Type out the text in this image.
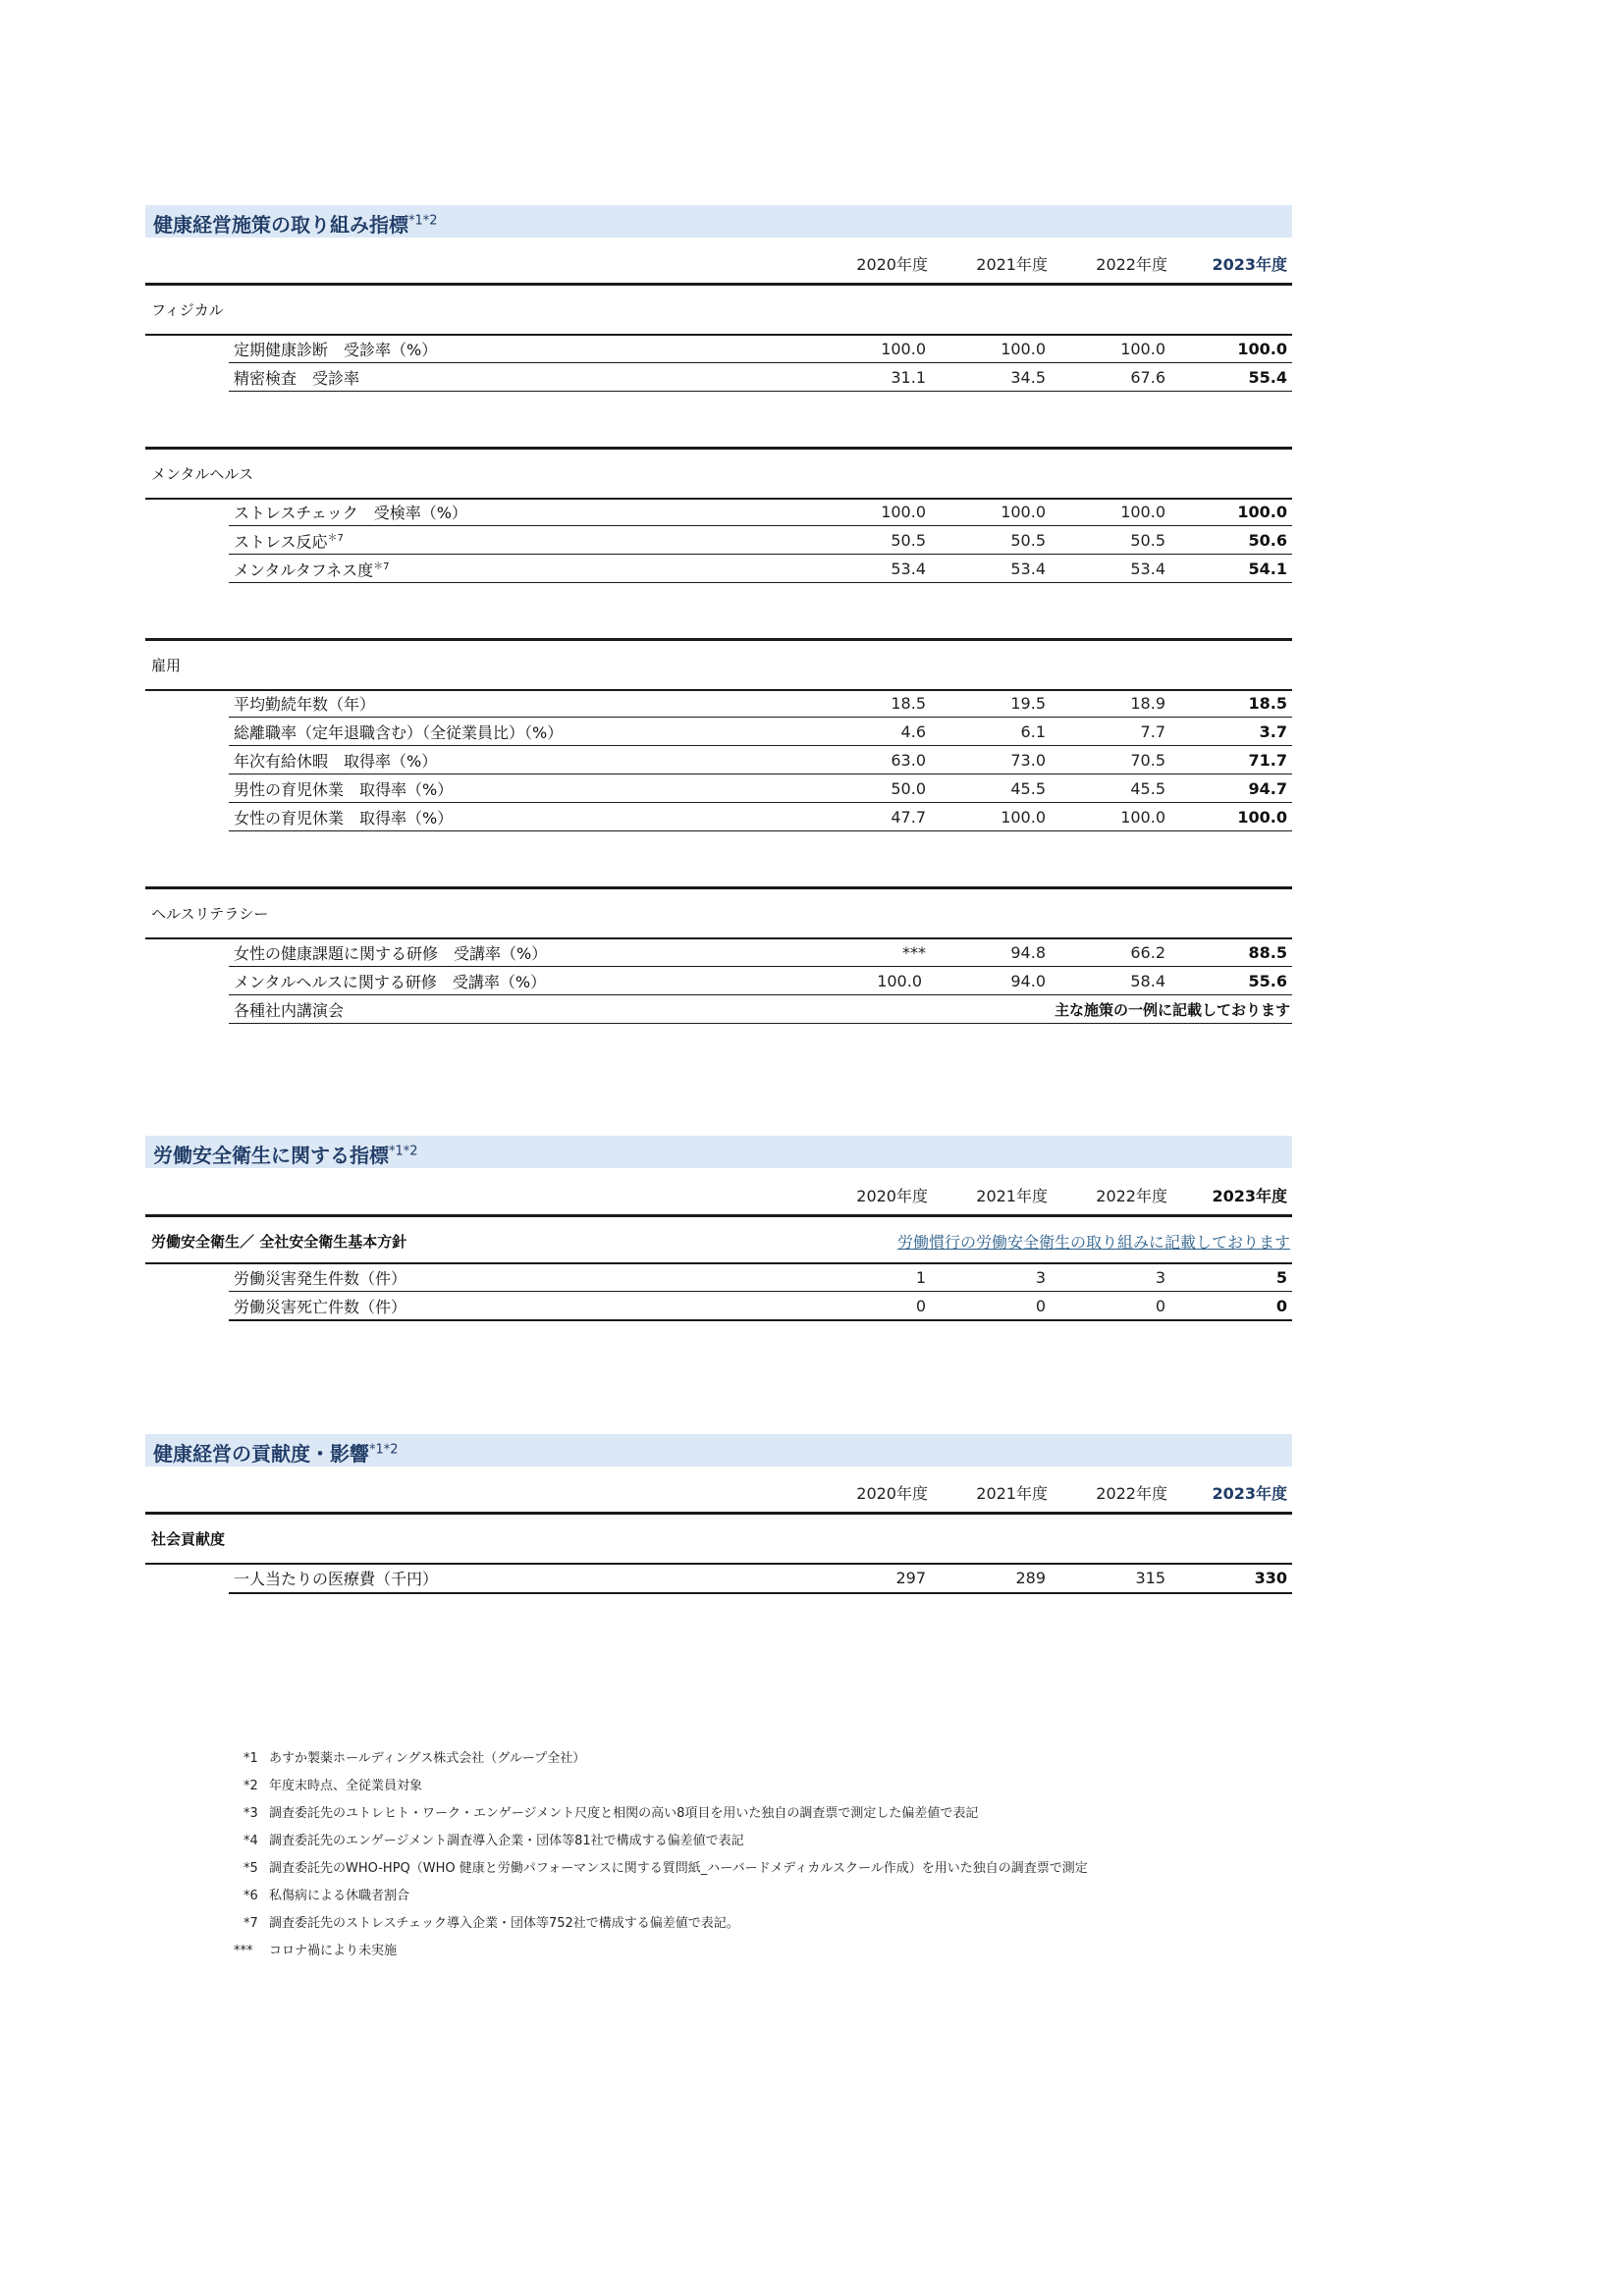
健康経営施策の取り組み指標$^{*1*2}$
2020年度	2021年度	2022年度	2023年度
フィジカル
定期健康診断　受診率（%）	100.0	100.0	100.0	100.0
精密検査　受診率	31.1	34.5	67.6	55.4
メンタルヘルス
ストレスチェック　受検率（%）	100.0	100.0	100.0	100.0
ストレス反応$^{*7}$	50.5	50.5	50.5	50.6
メンタルタフネス度$^{*7}$	53.4	53.4	53.4	54.1
雇用
平均勤続年数（年）	18.5	19.5	18.9	18.5
総離職率（定年退職含む）（全従業員比）（%）	4.6	6.1	7.7	3.7
年次有給休暇　取得率（%）	63.0	73.0	70.5	71.7
男性の育児休業　取得率（%）	50.0	45.5	45.5	94.7
女性の育児休業　取得率（%）	47.7	100.0	100.0	100.0
ヘルスリテラシー
女性の健康課題に関する研修　受講率（%）	***	94.8	66.2	88.5
メンタルヘルスに関する研修　受講率（%）	100.0	94.0	58.4	55.6
各種社内講演会	主な施策の一例に記載しております
労働安全衛生に関する指標$^{*1*2}$
2020年度	2021年度	2022年度	2023年度
労働安全衛生／ 全社安全衛生基本方針	労働慣行の労働安全衛生の取り組みに記載しております
労働災害発生件数（件）	1	3	3	5
労働災害死亡件数（件）	0	0	0	0
健康経営の貢献度・影響$^{*1*2}$
2020年度	2021年度	2022年度	2023年度
社会貢献度
一人当たりの医療費（千円）	297	289	315	330
*1 あすか製薬ホールディングス株式会社（グループ全社）
*2 年度末時点、全従業員対象
*3 調査委託先のユトレヒト・ワーク・エンゲージメント尺度と相関の高い8項目を用いた独自の調査票で測定した偏差値で表記
*4 調査委託先のエンゲージメント調査導入企業・団体等81社で構成する偏差値で表記
*5 調査委託先のWHO-HPQ（WHO 健康と労働パフォーマンスに関する質問紙_ハーバードメディカルスクール作成）を用いた独自の調査票で測定
*6 私傷病による休職者割合
*7 調査委託先のストレスチェック導入企業・団体等752社で構成する偏差値で表記。
*** コロナ禍により未実施
